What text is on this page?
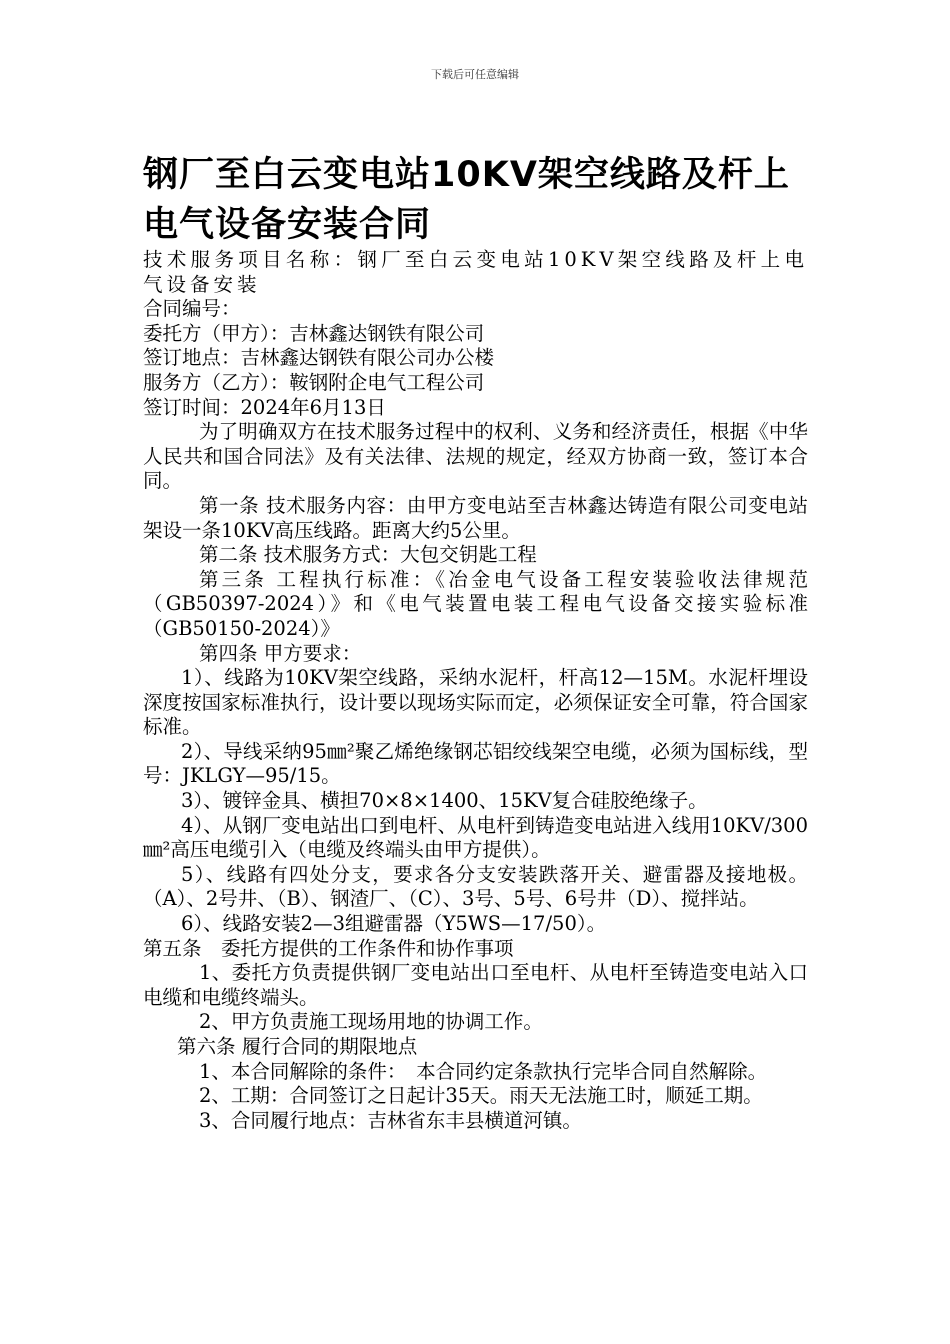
下载后可任意编辑
钢厂至白云变电站10KV架空线路及杆上电气设备安装合同

技术服务项目名称：钢厂至白云变电站10KV架空线路及杆上电气设备安装

合同编号：

委托方（甲方）：吉林鑫达钢铁有限公司

签订地点：吉林鑫达钢铁有限公司办公楼

服务方（乙方）：鞍钢附企电气工程公司

签订时间：2024年6月13日

为了明确双方在技术服务过程中的权利、义务和经济责任，根据《中华人民共和国合同法》及有关法律、法规的规定，经双方协商一致，签订本合同。

第一条 技术服务内容：由甲方变电站至吉林鑫达铸造有限公司变电站架设一条10KV高压线路。距离大约5公里。

第二条 技术服务方式：大包交钥匙工程

第三条 工程执行标准：《冶金电气设备工程安装验收法律规范（GB50397-2024）》和《电气装置电装工程电气设备交接实验标准（GB50150-2024）》

第四条 甲方要求：

1）、线路为10KV架空线路，采纳水泥杆，杆高12—15M。水泥杆埋设深度按国家标准执行，设计要以现场实际而定，必须保证安全可靠，符合国家标准。

2）、导线采纳95㎜²聚乙烯绝缘钢芯铝绞线架空电缆，必须为国标线，型号：JKLGY—95/15。

3）、镀锌金具、横担70×8×1400、15KV复合硅胶绝缘子。

4）、从钢厂变电站出口到电杆、从电杆到铸造变电站进入线用10KV/300㎜²高压电缆引入（电缆及终端头由甲方提供）。

5）、线路有四处分支，要求各分支安装跌落开关、避雷器及接地极。（A）、2号井、（B）、钢渣厂、（C）、3号、5号、6号井（D）、搅拌站。

6）、线路安装2—3组避雷器（Y5WS—17/50）。

第五条　委托方提供的工作条件和协作事项

1、委托方负责提供钢厂变电站出口至电杆、从电杆至铸造变电站入口电缆和电缆终端头。

2、甲方负责施工现场用地的协调工作。

第六条 履行合同的期限地点

1、本合同解除的条件：　本合同约定条款执行完毕合同自然解除。

2、工期：合同签订之日起计35天。雨天无法施工时，顺延工期。

3、合同履行地点：吉林省东丰县横道河镇。
